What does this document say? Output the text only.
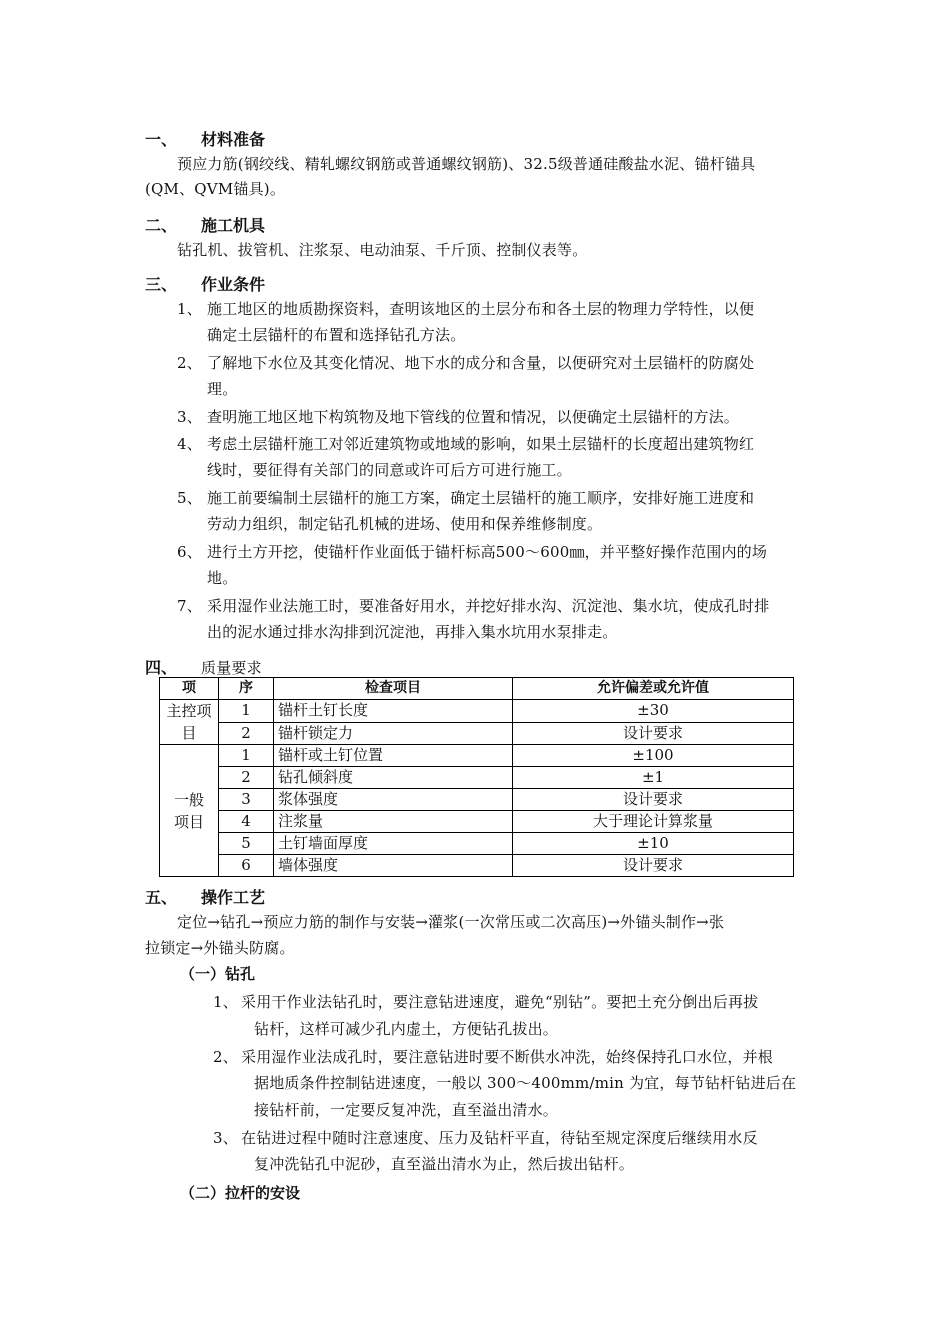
一、 材料准备
预应力筋(钢绞线、精轧螺纹钢筋或普通螺纹钢筋)、32.5级普通硅酸盐水泥、锚杆锚具
(QM、QVM锚具)。
二、 施工机具
钻孔机、拔管机、注浆泵、电动油泵、千斤顶、控制仪表等。
三、 作业条件
1、 施工地区的地质勘探资料，查明该地区的土层分布和各土层的物理力学特性，以便
确定土层锚杆的布置和选择钻孔方法。
2、 了解地下水位及其变化情况、地下水的成分和含量，以便研究对土层锚杆的防腐处
理。
3、 查明施工地区地下构筑物及地下管线的位置和情况，以便确定土层锚杆的方法。
4、 考虑土层锚杆施工对邻近建筑物或地域的影响，如果土层锚杆的长度超出建筑物红
线时，要征得有关部门的同意或许可后方可进行施工。
5、 施工前要编制土层锚杆的施工方案，确定土层锚杆的施工顺序，安排好施工进度和
劳动力组织，制定钻孔机械的进场、使用和保养维修制度。
6、 进行土方开挖，使锚杆作业面低于锚杆标高500～600㎜，并平整好操作范围内的场
地。
7、 采用湿作业法施工时，要准备好用水，并挖好排水沟、沉淀池、集水坑，使成孔时排
出的泥水通过排水沟排到沉淀池，再排入集水坑用水泵排走。
四、 质量要求
项	序	检查项目	允许偏差或允许值
主控项目	1	锚杆土钉长度	±30
	2	锚杆锁定力	设计要求
一般项目	1	锚杆或土钉位置	±100
	2	钻孔倾斜度	±1
	3	浆体强度	设计要求
	4	注浆量	大于理论计算浆量
	5	土钉墙面厚度	±10
	6	墙体强度	设计要求
五、 操作工艺
定位→钻孔→预应力筋的制作与安装→灌浆(一次常压或二次高压)→外锚头制作→张
拉锁定→外锚头防腐。
（一）钻孔
1、 采用干作业法钻孔时，要注意钻进速度，避免“别钻”。要把土充分倒出后再拔
钻杆，这样可减少孔内虚土，方便钻孔拔出。
2、 采用湿作业法成孔时，要注意钻进时要不断供水冲洗，始终保持孔口水位，并根
据地质条件控制钻进速度，一般以 300～400mm/min 为宜，每节钻杆钻进后在
接钻杆前，一定要反复冲洗，直至溢出清水。
3、 在钻进过程中随时注意速度、压力及钻杆平直，待钻至规定深度后继续用水反
复冲洗钻孔中泥砂，直至溢出清水为止，然后拔出钻杆。
（二）拉杆的安设
